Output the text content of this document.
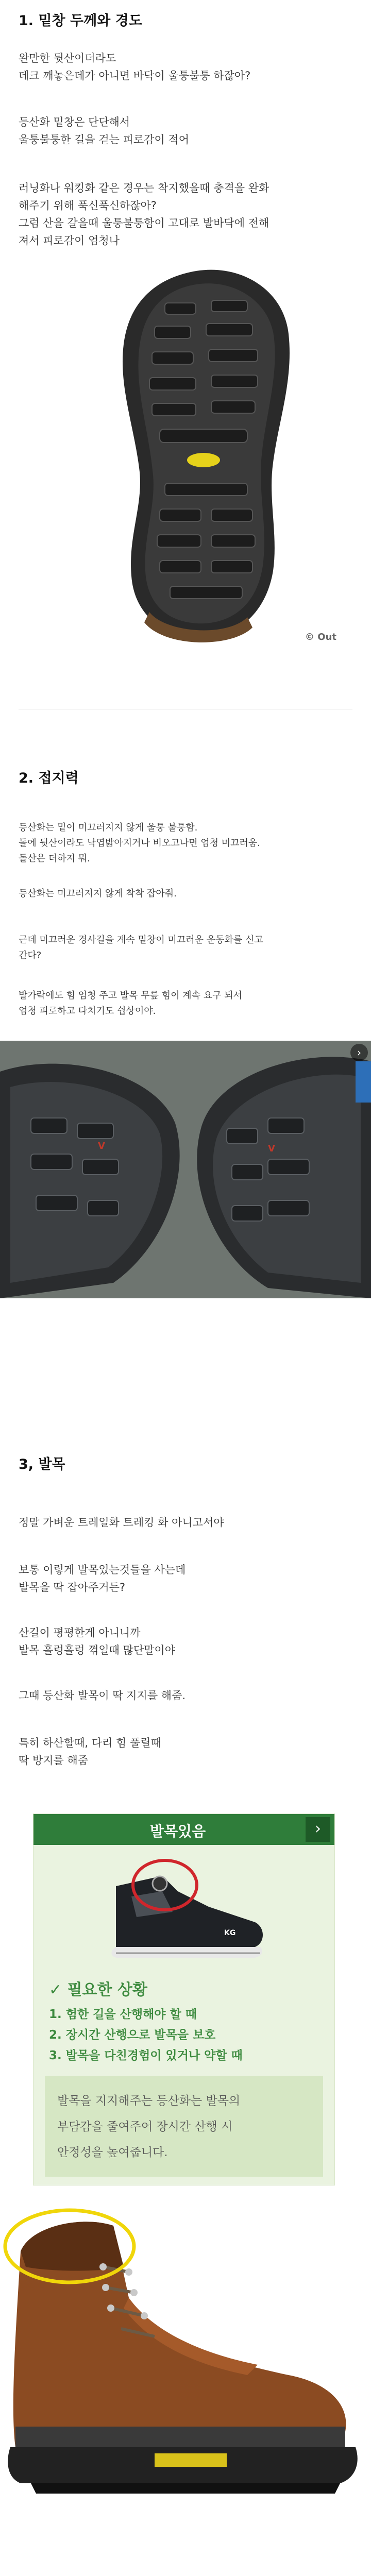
1. 밑창 두께와 경도
완만한 뒷산이더라도
데크 깨놓은데가 아니면 바닥이 울퉁불퉁 하잖아?
등산화 밑창은 단단해서
울퉁불퉁한 길을 걷는 피로감이 적어
러닝화나 워킹화 같은 경우는 착지했을때 충격을 완화
해주기 위해 푹신푹신하잖아?
그럼 산을 갈을때 울퉁불퉁함이 고대로 발바닥에 전해
져서 피로감이 엄청나
© Out
2. 접지력
등산화는 밑이 미끄러지지 않게 울퉁 불퉁함.
돌에 뒷산이라도 낙엽밟아지거나 비오고나면 엄청 미끄러움.
돌산은 더하지 뭐.
등산화는 미끄러지지 않게 착착 잡아줘.
근데 미끄러운 경사길을 계속 밑창이 미끄러운 운동화를 신고
간다?
발가락에도 힘 엄청 주고 발목 무릎 힘이 계속 요구 되서
엄청 피로하고 다치기도 쉽상이야.
V	V
›
3, 발목
정말 가벼운 트레일화 트레킹 화 아니고서야
보통 이렇게 발목있는것들을 사는데
발목을 딱 잡아주거든?
산길이 평평한게 아니니까
발목 흘렁흘렁 꺾일때 많단말이야
그때 등산화 발목이 딱 지지를 해줌.
특히 하산할때, 다리 힘 풀릴때
딱 방지를 해줌
발목있음	›
KG
✓ 필요한 상황
1. 험한 길을 산행해야 할 때
2. 장시간 산행으로 발목을 보호
3. 발목을 다친경험이 있거나 약할 때
발목을 지지해주는 등산화는 발목의
부담감을 줄여주어 장시간 산행 시
안정성을 높여줍니다.
